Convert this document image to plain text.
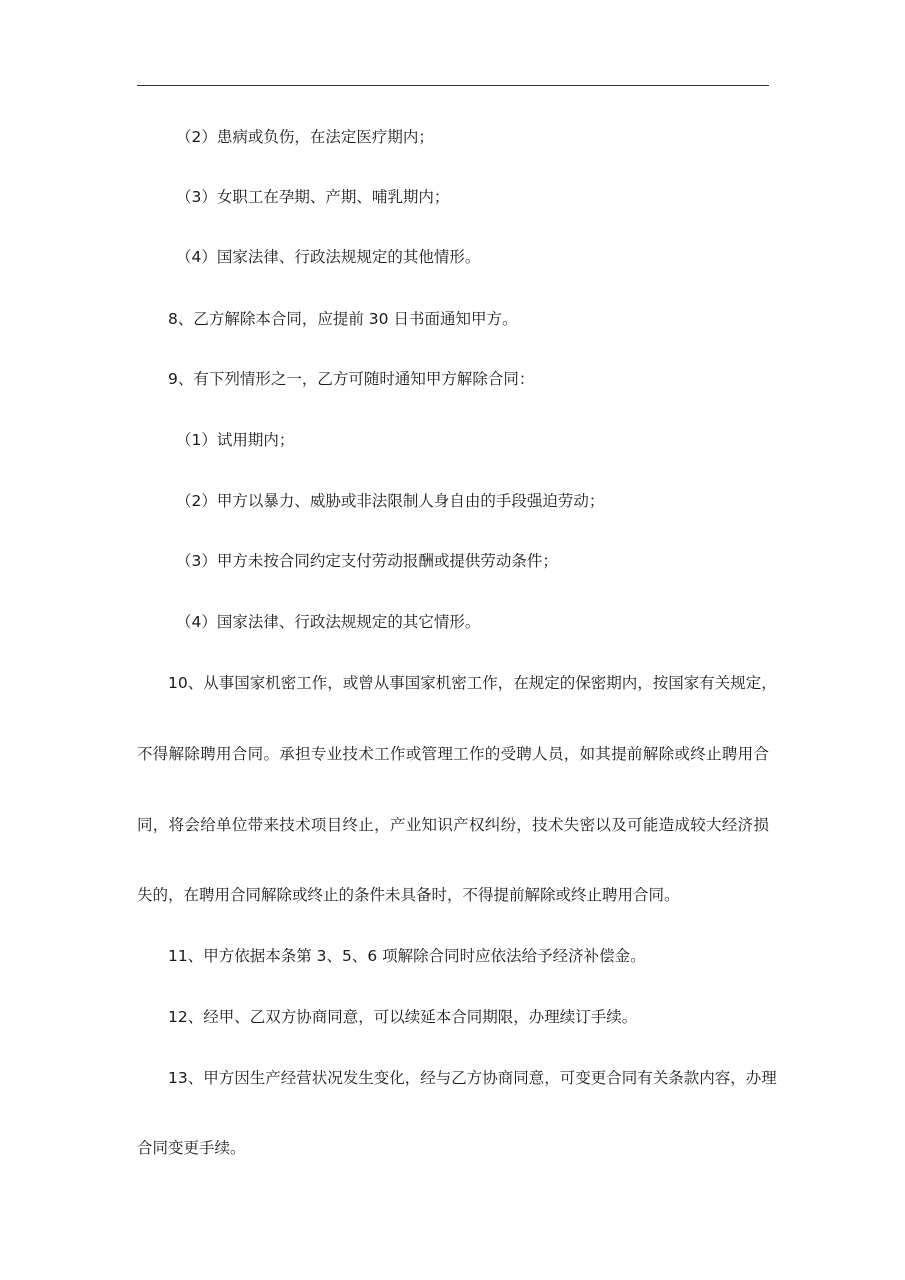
（2）患病或负伤，在法定医疗期内；
（3）女职工在孕期、产期、哺乳期内；
（4）国家法律、行政法规规定的其他情形。
8、乙方解除本合同，应提前 30 日书面通知甲方。
9、有下列情形之一，乙方可随时通知甲方解除合同：
（1）试用期内；
（2）甲方以暴力、威胁或非法限制人身自由的手段强迫劳动；
（3）甲方未按合同约定支付劳动报酬或提供劳动条件；
（4）国家法律、行政法规规定的其它情形。
10、从事国家机密工作，或曾从事国家机密工作，在规定的保密期内，按国家有关规定，
不得解除聘用合同。承担专业技术工作或管理工作的受聘人员，如其提前解除或终止聘用合
同，将会给单位带来技术项目终止，产业知识产权纠纷，技术失密以及可能造成较大经济损
失的，在聘用合同解除或终止的条件未具备时，不得提前解除或终止聘用合同。
11、甲方依据本条第 3、5、6 项解除合同时应依法给予经济补偿金。
12、经甲、乙双方协商同意，可以续延本合同期限，办理续订手续。
13、甲方因生产经营状况发生变化，经与乙方协商同意，可变更合同有关条款内容，办理
合同变更手续。
